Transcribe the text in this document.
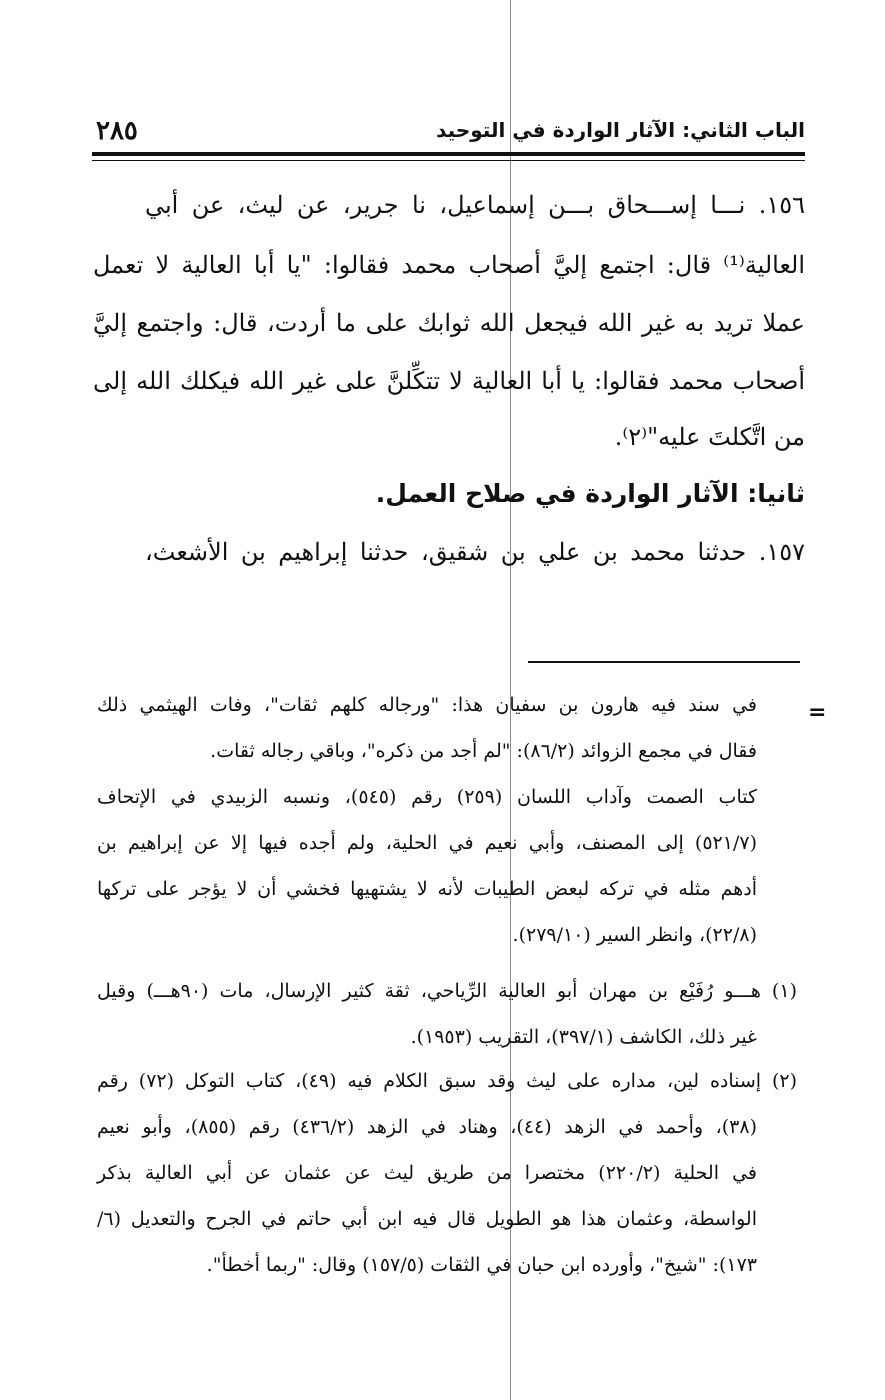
٢٨٥	الباب الثاني: الآثار الواردة في التوحيد
١٥٦. نـــا إســـحاق بـــن إسماعيل، نا جرير، عن ليث، عن أبي
العالية⁽¹⁾ قال: اجتمع إليَّ أصحاب محمد فقالوا: "يا أبا العالية لا تعمل
عملا تريد به غير الله فيجعل الله ثوابك على ما أردت، قال: واجتمع إليَّ
أصحاب محمد فقالوا: يا أبا العالية لا تتكِّلنَّ على غير الله فيكلك الله إلى
من اتَّكلتَ عليه"⁽٢⁾.
ثانيا: الآثار الواردة في صلاح العمل.
١٥٧. حدثنا محمد بن علي بن شقيق، حدثنا إبراهيم بن الأشعث،
=
في سند فيه هارون بن سفيان هذا: "ورجاله كلهم ثقات"، وفات الهيثمي ذلك
فقال في مجمع الزوائد (٨٦/٢): "لم أجد من ذكره"، وباقي رجاله ثقات.
كتاب الصمت وآداب اللسان (٢٥٩) رقم (٥٤٥)، ونسبه الزبيدي في الإتحاف
(٥٢١/٧) إلى المصنف، وأبي نعيم في الحلية، ولم أجده فيها إلا عن إبراهيم بن
أدهم مثله في تركه لبعض الطيبات لأنه لا يشتهيها فخشي أن لا يؤجر على تركها
(٢٢/٨)، وانظر السير (٢٧٩/١٠).
(١) هـــو رُفَيْع بن مهران أبو العالية الرِّياحي، ثقة كثير الإرسال، مات (٩٠هـــ) وقيل
غير ذلك، الكاشف (٣٩٧/١)، التقريب (١٩٥٣).
(٢) إسناده لين، مداره على ليث وقد سبق الكلام فيه (٤٩)، كتاب التوكل (٧٢) رقم
(٣٨)، وأحمد في الزهد (٤٤)، وهناد في الزهد (٤٣٦/٢) رقم (٨٥٥)، وأبو نعيم
في الحلية (٢٢٠/٢) مختصرا من طريق ليث عن عثمان عن أبي العالية بذكر
الواسطة، وعثمان هذا هو الطويل قال فيه ابن أبي حاتم في الجرح والتعديل (٦/
١٧٣): "شيخ"، وأورده ابن حبان في الثقات (١٥٧/٥) وقال: "ربما أخطأ".
